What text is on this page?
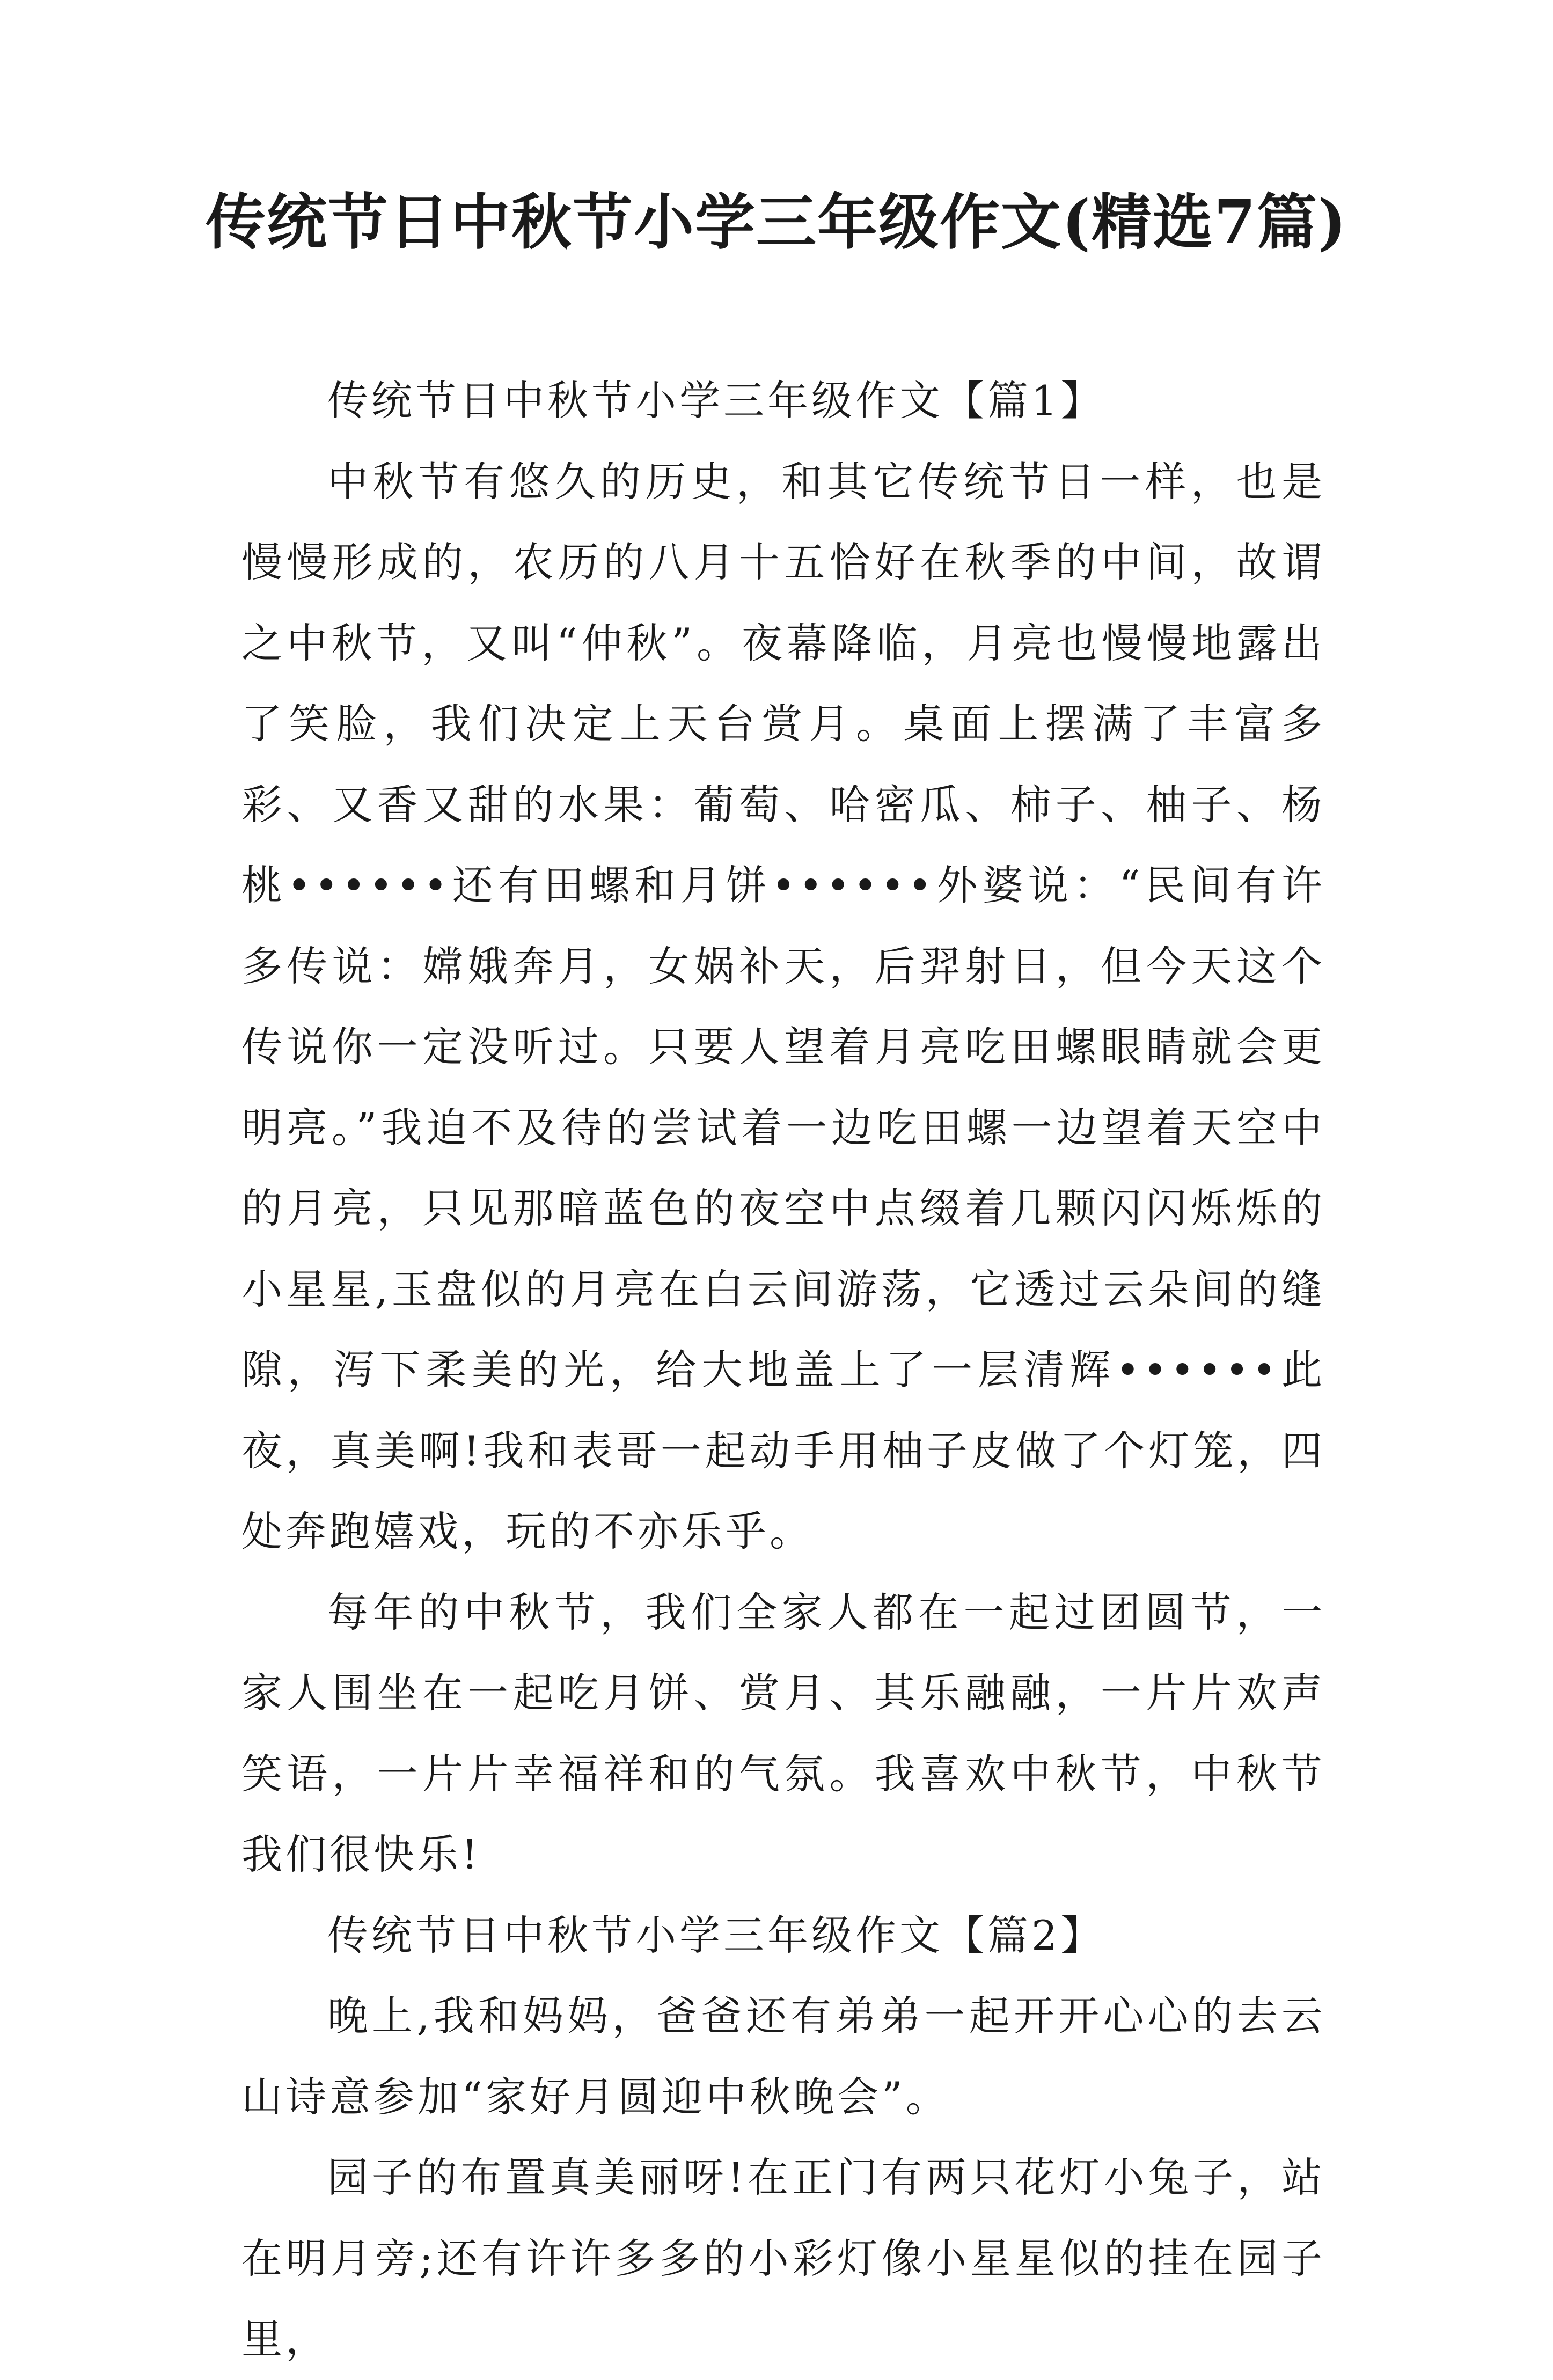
传统节日中秋节小学三年级作文(精选7篇)

传统节日中秋节小学三年级作文【篇1】

中秋节有悠久的历史，和其它传统节日一样，也是慢慢形成的，农历的八月十五恰好在秋季的中间，故谓之中秋节，又叫“仲秋”。夜幕降临，月亮也慢慢地露出了笑脸，我们决定上天台赏月。桌面上摆满了丰富多彩、又香又甜的水果：葡萄、哈密瓜、柿子、柚子、杨桃••••••还有田螺和月饼••••••外婆说：“民间有许多传说：嫦娥奔月，女娲补天，后羿射日，但今天这个传说你一定没听过。只要人望着月亮吃田螺眼睛就会更明亮。”我迫不及待的尝试着一边吃田螺一边望着天空中的月亮，只见那暗蓝色的夜空中点缀着几颗闪闪烁烁的小星星,玉盘似的月亮在白云间游荡，它透过云朵间的缝隙，泻下柔美的光，给大地盖上了一层清辉••••••此夜，真美啊!我和表哥一起动手用柚子皮做了个灯笼，四处奔跑嬉戏，玩的不亦乐乎。

每年的中秋节，我们全家人都在一起过团圆节，一家人围坐在一起吃月饼、赏月、其乐融融，一片片欢声笑语，一片片幸福祥和的气氛。我喜欢中秋节，中秋节我们很快乐!

传统节日中秋节小学三年级作文【篇2】

晚上,我和妈妈，爸爸还有弟弟一起开开心心的去云山诗意参加“家好月圆迎中秋晚会”。

园子的布置真美丽呀!在正门有两只花灯小兔子，站在明月旁;还有许许多多的小彩灯像小星星似的挂在园子里，
